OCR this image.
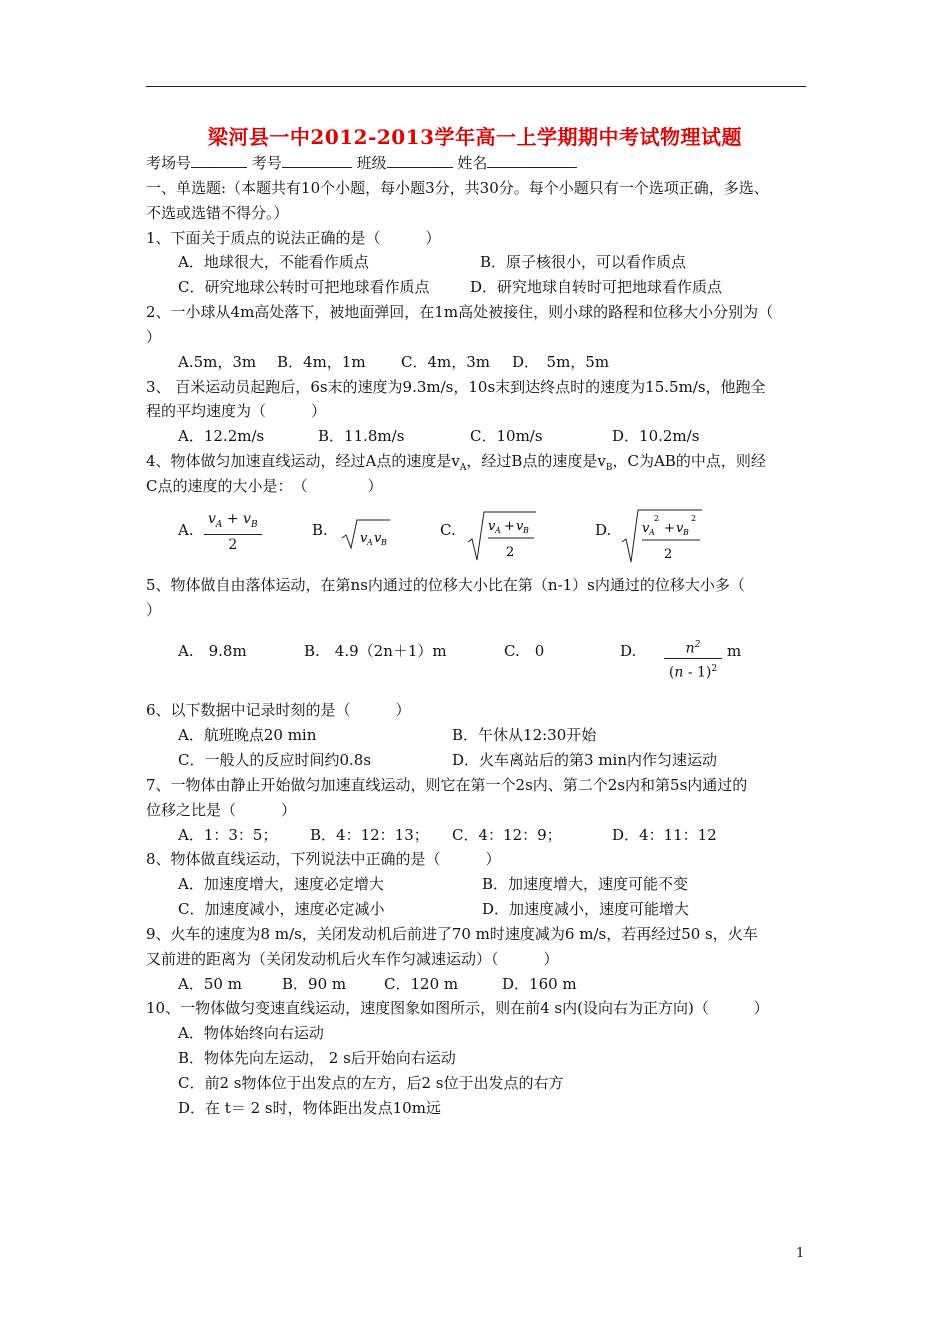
梁河县一中2012-2013学年高一上学期期中考试物理试题
考场号	考号	班级	姓名
一、单选题:（本题共有10个小题，每小题3分，共30分。每个小题只有一个选项正确，多选、
不选或选错不得分。）
1、下面关于质点的说法正确的是（　　　）
A．地球很大，不能看作质点	B．原子核很小，可以看作质点
C．研究地球公转时可把地球看作质点	D．研究地球自转时可把地球看作质点
2、一小球从4m高处落下，被地面弹回，在1m高处被接住，则小球的路程和位移大小分别为（
）
A.5m，3m B．4m，1m C．4m，3m D．　5m，5m
3、 百米运动员起跑后，6s末的速度为9.3m/s，10s末到达终点时的速度为15.5m/s，他跑全
程的平均速度为（　　　）
A．12.2m/s	B．11.8m/s	C．10m/s	D．10.2m/s
4、物体做匀加速直线运动，经过A点的速度是$v_A$，经过B点的速度是$v_B$，C为AB的中点，则经
C点的速度的大小是：　（　　　　）
A. $\frac{v_A + v_B}{2}$	B. v A v B
C. v A + v B
2
D. v A
2
+ v B
2
2
5、物体做自由落体运动，在第ns内通过的位移大小比在第（n-1）s内通过的位移大小多（
）
A.　9.8m	B.　4.9（2n＋1）m	C.　0	D. $\frac{n^2}{(n - 1)^2}$ m
6、以下数据中记录时刻的是（　　　）
A．航班晚点20 min	B．午休从12:30开始
C．一般人的反应时间约0.8s	D．火车离站后的第3 min内作匀速运动
7、一物体由静止开始做匀加速直线运动，则它在第一个2s内、第二个2s内和第5s内通过的
位移之比是（　　　）
A．1：3：5； B．4：12：13； C．4：12：9；	D．4：11：12
8、物体做直线运动，下列说法中正确的是（　　　）
A．加速度增大，速度必定增大	B．加速度增大，速度可能不变
C．加速度减小，速度必定减小	D．加速度减小，速度可能增大
9、火车的速度为8 m/s，关闭发动机后前进了70 m时速度减为6 m/s，若再经过50 s，火车
又前进的距离为（关闭发动机后火车作匀减速运动）（　　　）
A．50 m	B．90 m	C．120 m	D．160 m
10、一物体做匀变速直线运动，速度图象如图所示，则在前4 s内(设向右为正方向)（　　　）
A．物体始终向右运动
B．物体先向左运动， 2 s后开始向右运动
C．前2 s物体位于出发点的左方，后2 s位于出发点的右方
D．在 t＝ 2 s时，物体距出发点10m远
1
